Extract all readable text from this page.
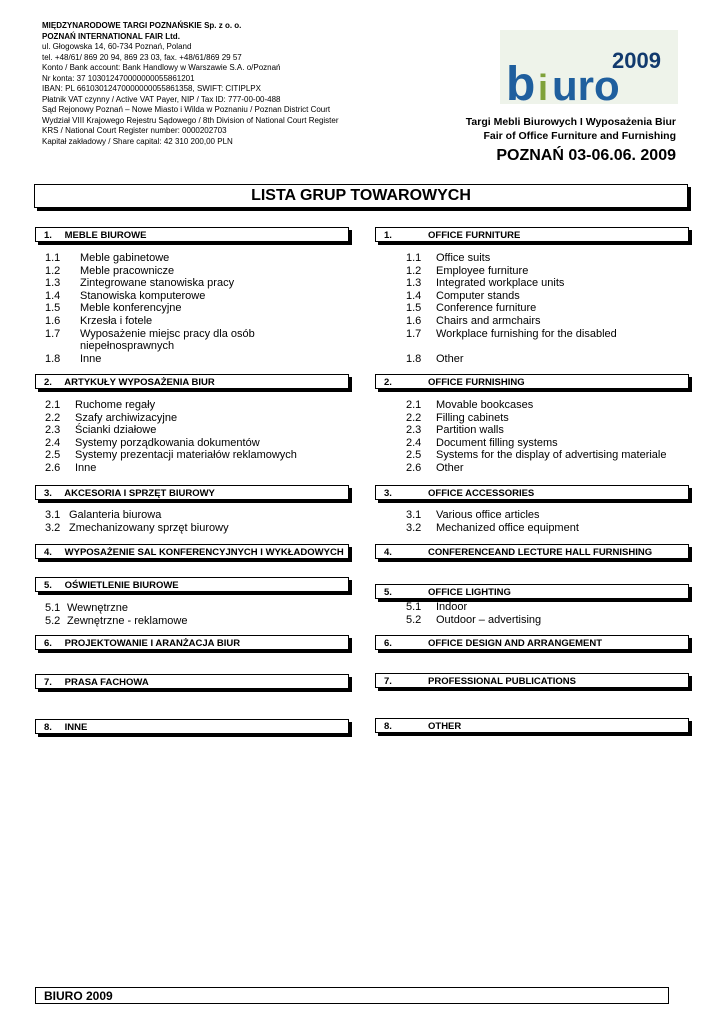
MIĘDZYNARODOWE TARGI POZNAŃSKIE Sp. z o. o.
POZNAŃ INTERNATIONAL FAIR Ltd.
ul. Głogowska 14, 60-734 Poznań, Poland
tel. +48/61/ 869 20 94, 869 23 03, fax. +48/61/869 29 57
Konto / Bank account: Bank Handlowy w Warszawie S.A. o/Poznań
Nr konta: 37 103012470000000055861201
IBAN: PL 66103012470000000055861358, SWIFT: CITIPLPX
Płatnik VAT czynny / Active VAT Payer, NIP / Tax ID: 777-00-00-488
Sąd Rejonowy Poznań – Nowe Miasto i Wilda w Poznaniu / Poznan District Court
Wydział VIII Krajowego Rejestru Sądowego / 8th Division of National Court Register
KRS / National Court Register number: 0000202703
Kapitał zakładowy / Share capital: 42 310 200,00 PLN
2009
b i uro
Targi Mebli Biurowych I Wyposażenia Biur
Fair of Office Furniture and Furnishing
POZNAŃ 03-06.06. 2009
LISTA GRUP TOWAROWYCH
1. MEBLE BIUROWE
2. ARTYKUŁY WYPOSAŻENIA BIUR
3. AKCESORIA I SPRZĘT BIUROWY
4. WYPOSAŻENIE SAL KONFERENCYJNYCH I WYKŁADOWYCH
5. OŚWIETLENIE BIUROWE
6. PROJEKTOWANIE I ARANŻACJA BIUR
7. PRASA FACHOWA
8. INNE
1.	OFFICE FURNITURE
2.	OFFICE FURNISHING
3.	OFFICE ACCESSORIES
4.	CONFERENCEAND LECTURE HALL FURNISHING
5.	OFFICE LIGHTING
6.	OFFICE DESIGN AND ARRANGEMENT
7.	PROFESSIONAL PUBLICATIONS
8.	OTHER
1.1 Meble gabinetowe
1.2 Meble pracownicze
1.3 Zintegrowane stanowiska pracy
1.4 Stanowiska komputerowe
1.5 Meble konferencyjne
1.6 Krzesła i fotele
1.7 Wyposażenie miejsc pracy dla osób niepełnosprawnych
1.8 Inne
1.1 Office suits
1.2 Employee furniture
1.3 Integrated workplace units
1.4 Computer stands
1.5 Conference furniture
1.6 Chairs and armchairs
1.7 Workplace furnishing for the disabled
1.8 Other
2.1 Ruchome regały
2.2 Szafy archiwizacyjne
2.3 Ścianki działowe
2.4 Systemy porządkowania dokumentów
2.5 Systemy prezentacji materiałów reklamowych
2.6 Inne
2.1 Movable bookcases
2.2 Filling cabinets
2.3 Partition walls
2.4 Document filling systems
2.5 Systems for the display of advertising materiale
2.6 Other
3.1 Galanteria biurowa
3.2 Zmechanizowany sprzęt biurowy
3.1 Various office articles
3.2 Mechanized office equipment
5.1 Wewnętrzne
5.2 Zewnętrzne - reklamowe
5.1 Indoor
5.2 Outdoor – advertising
BIURO 2009
